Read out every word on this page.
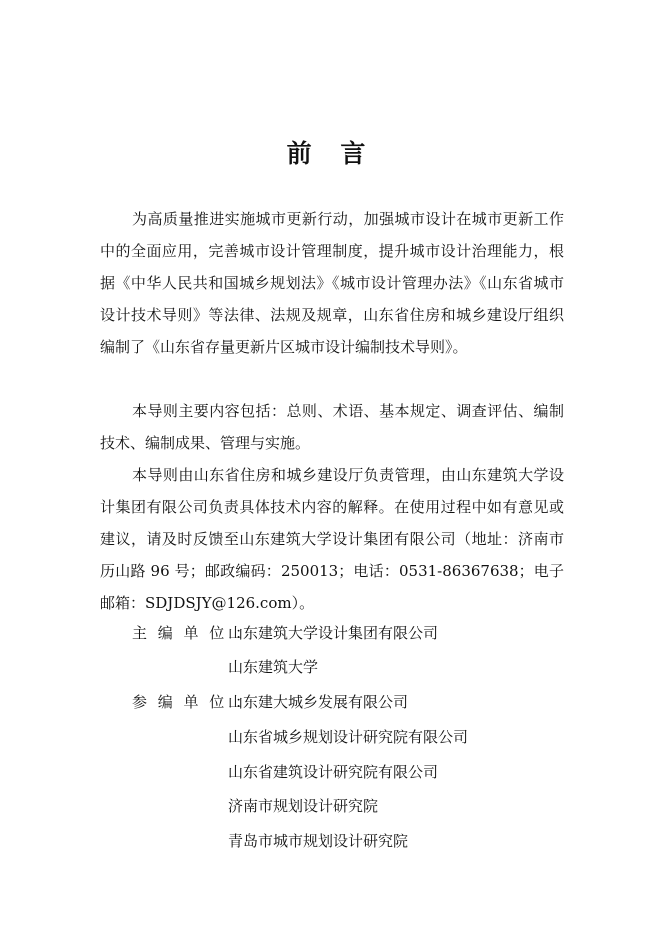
前 言

为高质量推进实施城市更新行动，加强城市设计在城市更新工作中的全面应用，完善城市设计管理制度，提升城市设计治理能力，根据《中华人民共和国城乡规划法》《城市设计管理办法》《山东省城市设计技术导则》等法律、法规及规章，山东省住房和城乡建设厅组织编制了《山东省存量更新片区城市设计编制技术导则》。

本导则主要内容包括：总则、术语、基本规定、调查评估、编制技术、编制成果、管理与实施。

本导则由山东省住房和城乡建设厅负责管理，由山东建筑大学设计集团有限公司负责具体技术内容的解释。在使用过程中如有意见或建议，请及时反馈至山东建筑大学设计集团有限公司（地址：济南市历山路 96 号；邮政编码：250013；电话：0531-86367638；电子邮箱：SDJDSJY@126.com）。

主 编 单 位 ：
山东建筑大学设计集团有限公司
山东建筑大学
参 编 单 位 ：
山东建大城乡发展有限公司
山东省城乡规划设计研究院有限公司
山东省建筑设计研究院有限公司
济南市规划设计研究院
青岛市城市规划设计研究院
